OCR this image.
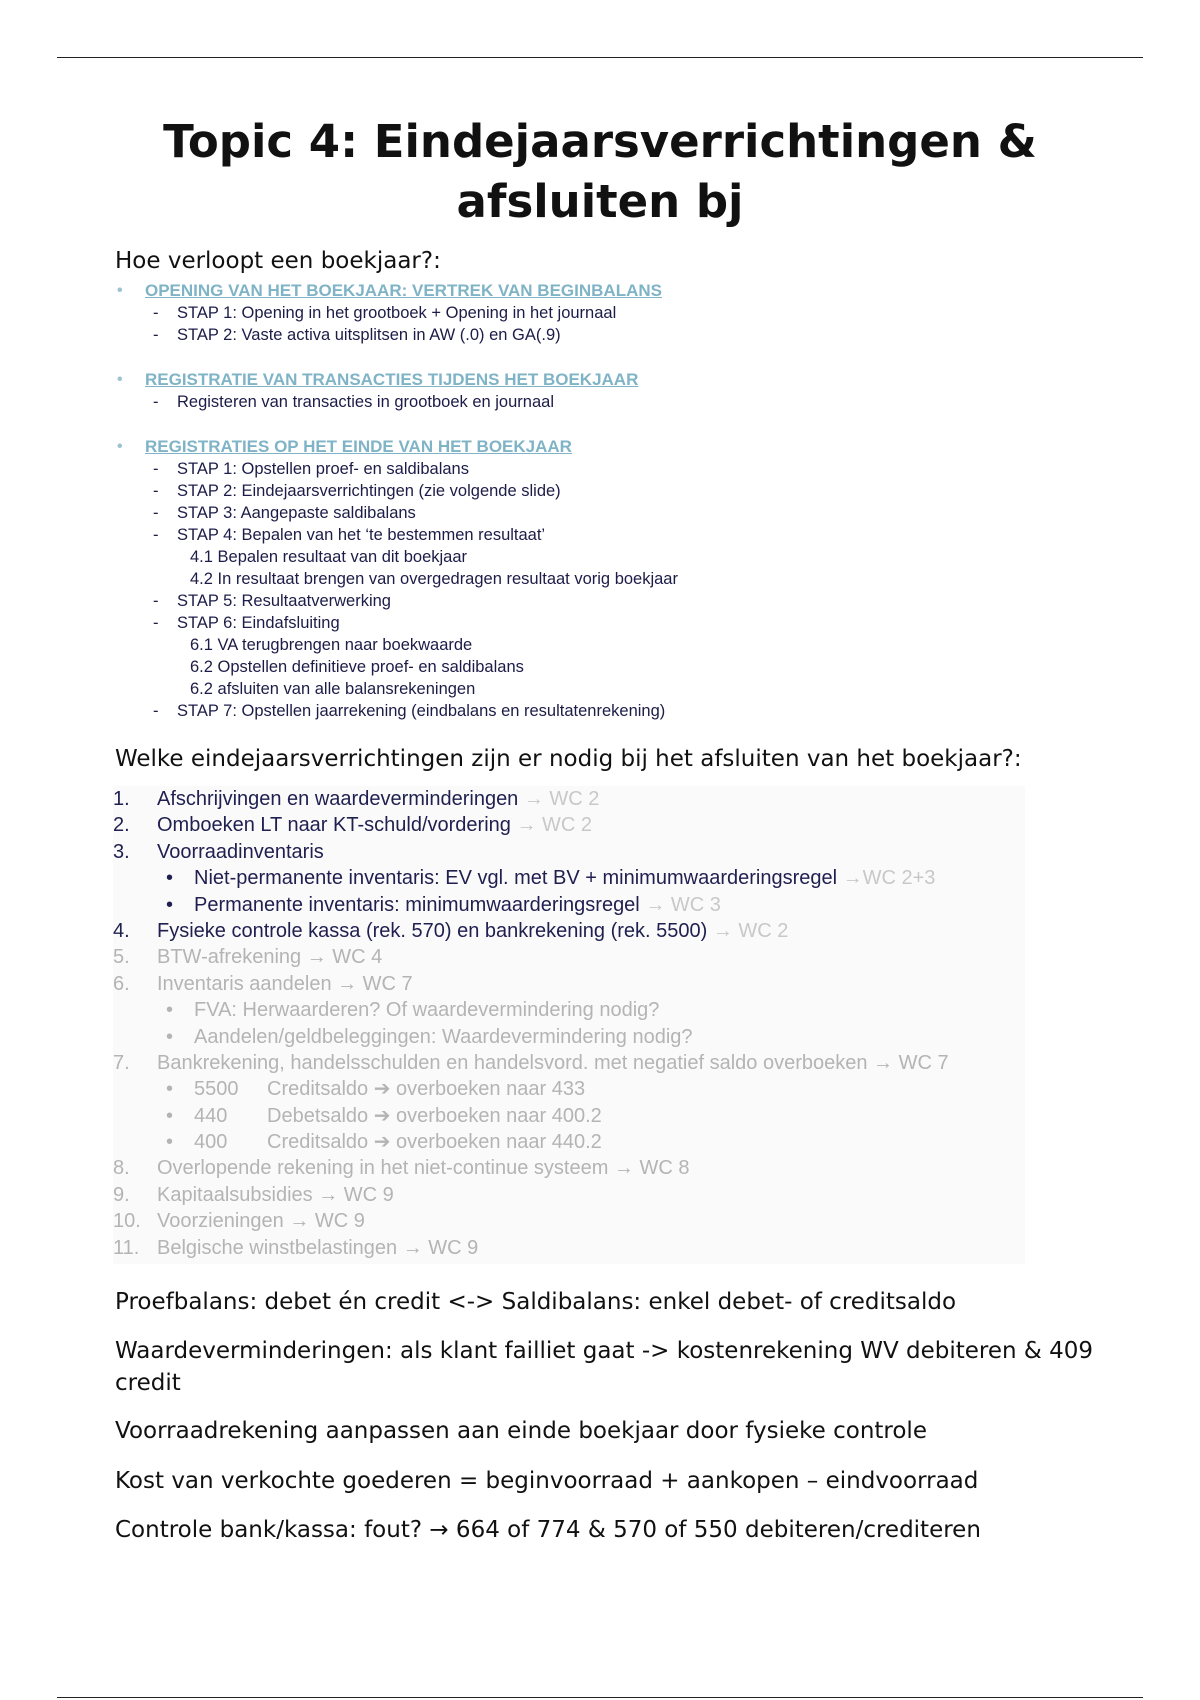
Topic 4: Eindejaarsverrichtingen & afsluiten bj
Hoe verloopt een boekjaar?:
• OPENING VAN HET BOEKJAAR: VERTREK VAN BEGINBALANS
- STAP 1: Opening in het grootboek + Opening in het journaal
- STAP 2: Vaste activa uitsplitsen in AW (.0) en GA(.9)
• REGISTRATIE VAN TRANSACTIES TIJDENS HET BOEKJAAR
- Registeren van transacties in grootboek en journaal
• REGISTRATIES OP HET EINDE VAN HET BOEKJAAR
- STAP 1: Opstellen proef- en saldibalans
- STAP 2: Eindejaarsverrichtingen (zie volgende slide)
- STAP 3: Aangepaste saldibalans
- STAP 4: Bepalen van het ‘te bestemmen resultaat’
4.1 Bepalen resultaat van dit boekjaar
4.2 In resultaat brengen van overgedragen resultaat vorig boekjaar
- STAP 5: Resultaatverwerking
- STAP 6: Eindafsluiting
6.1 VA terugbrengen naar boekwaarde
6.2 Opstellen definitieve proef- en saldibalans
6.2 afsluiten van alle balansrekeningen
- STAP 7: Opstellen jaarrekening (eindbalans en resultatenrekening)
Welke eindejaarsverrichtingen zijn er nodig bij het afsluiten van het boekjaar?:
1. Afschrijvingen en waardeverminderingen → WC 2
2. Omboeken LT naar KT-schuld/vordering → WC 2
3. Voorraadinventaris
• Niet-permanente inventaris: EV vgl. met BV + minimumwaarderingsregel →WC 2+3
• Permanente inventaris: minimumwaarderingsregel → WC 3
4. Fysieke controle kassa (rek. 570) en bankrekening (rek. 5500) → WC 2
5. BTW-afrekening → WC 4
6. Inventaris aandelen → WC 7
• FVA: Herwaarderen? Of waardevermindering nodig?
• Aandelen/geldbeleggingen: Waardevermindering nodig?
7. Bankrekening, handelsschulden en handelsvord. met negatief saldo overboeken → WC 7
• 5500 Creditsaldo ➔ overboeken naar 433
• 440 Debetsaldo ➔ overboeken naar 400.2
• 400 Creditsaldo ➔ overboeken naar 440.2
8. Overlopende rekening in het niet-continue systeem → WC 8
9. Kapitaalsubsidies → WC 9
10. Voorzieningen → WC 9
11. Belgische winstbelastingen → WC 9
Proefbalans: debet én credit <-> Saldibalans: enkel debet- of creditsaldo
Waardeverminderingen: als klant failliet gaat -> kostenrekening WV debiteren & 409 credit
Voorraadrekening aanpassen aan einde boekjaar door fysieke controle
Kost van verkochte goederen = beginvoorraad + aankopen – eindvoorraad
Controle bank/kassa: fout? → 664 of 774 & 570 of 550 debiteren/crediteren
